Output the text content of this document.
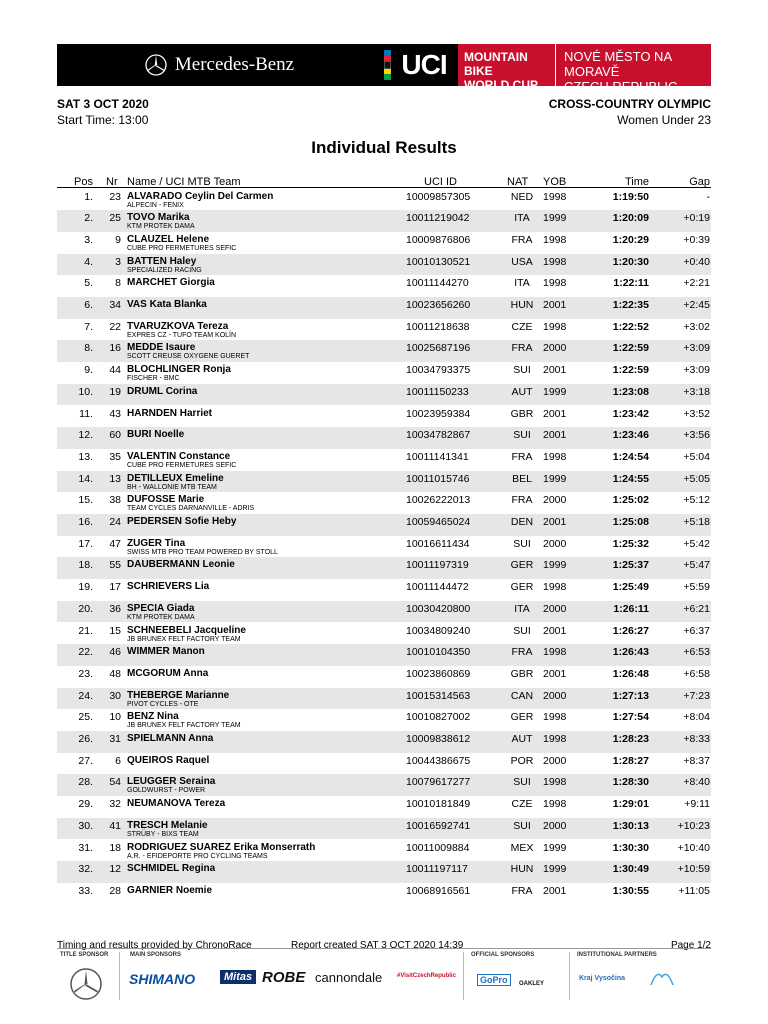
Mercedes-Benz	UCI MOUNTAIN BIKE
WORLD CUP
NOVÉ MĚSTO NA MORAVĚ
CZECH REPUBLIC
SAT 3 OCT 2020
Start Time: 13:00
CROSS-COUNTRY OLYMPIC
Women Under 23
Individual Results
Pos Nr Name / UCI MTB Team	UCI ID	NAT YOB	Time	Gap
1. 23 ALVARADO Ceylin Del Carmen
ALPECIN - FENIX
10009857305	NED 1998	1:19:50	-
2. 25 TOVO Marika
KTM PROTEK DAMA
10011219042	ITA	1999	1:20:09	+0:19
3. 9 CLAUZEL Helene
CUBE PRO FERMETURES SEFIC
10009876806	FRA	1998	1:20:29	+0:39
4. 3 BATTEN Haley
SPECIALIZED RACING
10010130521	USA 1998	1:20:30	+0:40
5. 8 MARCHET Giorgia	10011144270	ITA	1998	1:22:11	+2:21
6. 34 VAS Kata Blanka	10023656260	HUN 2001	1:22:35	+2:45
7. 22 TVARUZKOVA Tereza
EXPRES CZ - TUFO TEAM KOLÍN
10011218638	CZE	1998	1:22:52	+3:02
8. 16 MEDDE Isaure
SCOTT CREUSE OXYGENE GUERET
10025687196	FRA	2000	1:22:59	+3:09
9. 44 BLOCHLINGER Ronja
FISCHER - BMC
10034793375	SUI	2001	1:22:59	+3:09
10. 19 DRUML Corina	10011150233	AUT	1999	1:23:08	+3:18
11. 43 HARNDEN Harriet	10023959384	GBR 2001	1:23:42	+3:52
12. 60 BURI Noelle	10034782867	SUI	2001	1:23:46	+3:56
13. 35 VALENTIN Constance
CUBE PRO FERMETURES SEFIC
10011141341	FRA	1998	1:24:54	+5:04
14. 13 DETILLEUX Emeline
BH - WALLONIE MTB TEAM
10011015746	BEL	1999	1:24:55	+5:05
15. 38 DUFOSSE Marie
TEAM CYCLES DARNANVILLE - ADRIS
10026222013	FRA	2000	1:25:02	+5:12
16. 24 PEDERSEN Sofie Heby	10059465024	DEN 2001	1:25:08	+5:18
17. 47 ZUGER Tina
SWISS MTB PRO TEAM POWERED BY STOLL
10016611434	SUI	2000	1:25:32	+5:42
18. 55 DAUBERMANN Leonie	10011197319	GER 1999	1:25:37	+5:47
19. 17 SCHRIEVERS Lia	10011144472	GER 1998	1:25:49	+5:59
20. 36 SPECIA Giada
KTM PROTEK DAMA
10030420800	ITA	2000	1:26:11	+6:21
21. 15 SCHNEEBELI Jacqueline
JB BRUNEX FELT FACTORY TEAM
10034809240	SUI	2001	1:26:27	+6:37
22. 46 WIMMER Manon	10010104350	FRA	1998	1:26:43	+6:53
23. 48 MCGORUM Anna	10023860869	GBR 2001	1:26:48	+6:58
24. 30 THEBERGE Marianne
PIVOT CYCLES - OTE
10015314563	CAN 2000	1:27:13	+7:23
25. 10 BENZ Nina
JB BRUNEX FELT FACTORY TEAM
10010827002	GER 1998	1:27:54	+8:04
26. 31 SPIELMANN Anna	10009838612	AUT	1998	1:28:23	+8:33
27. 6 QUEIROS Raquel	10044386675	POR 2000	1:28:27	+8:37
28. 54 LEUGGER Seraina
GOLDWURST - POWER
10079617277	SUI	1998	1:28:30	+8:40
29. 32 NEUMANOVA Tereza	10010181849	CZE	1998	1:29:01	+9:11
30. 41 TRESCH Melanie
STRÜBY - BIXS TEAM
10016592741	SUI	2000	1:30:13	+10:23
31. 18 RODRIGUEZ SUAREZ Erika Monserrath
A.R. - EFIDEPORTE PRO CYCLING TEAMS
10011009884	MEX 1999	1:30:30	+10:40
32. 12 SCHMIDEL Regina	10011197117	HUN 1999	1:30:49	+10:59
33. 28 GARNIER Noemie	10068916561	FRA	2001	1:30:55	+11:05
Timing and results provided by ChronoRace	Report created SAT 3 OCT 2020 14:39	Page 1/2
TITLE SPONSOR	MAIN SPONSORS
SHIMANO	Mitas ROBE cannondale #VisitCzechRepublic
OFFICIAL SPONSORS
GoPro	OAKLEY
INSTITUTIONAL PARTNERS
Kraj Vysočina
